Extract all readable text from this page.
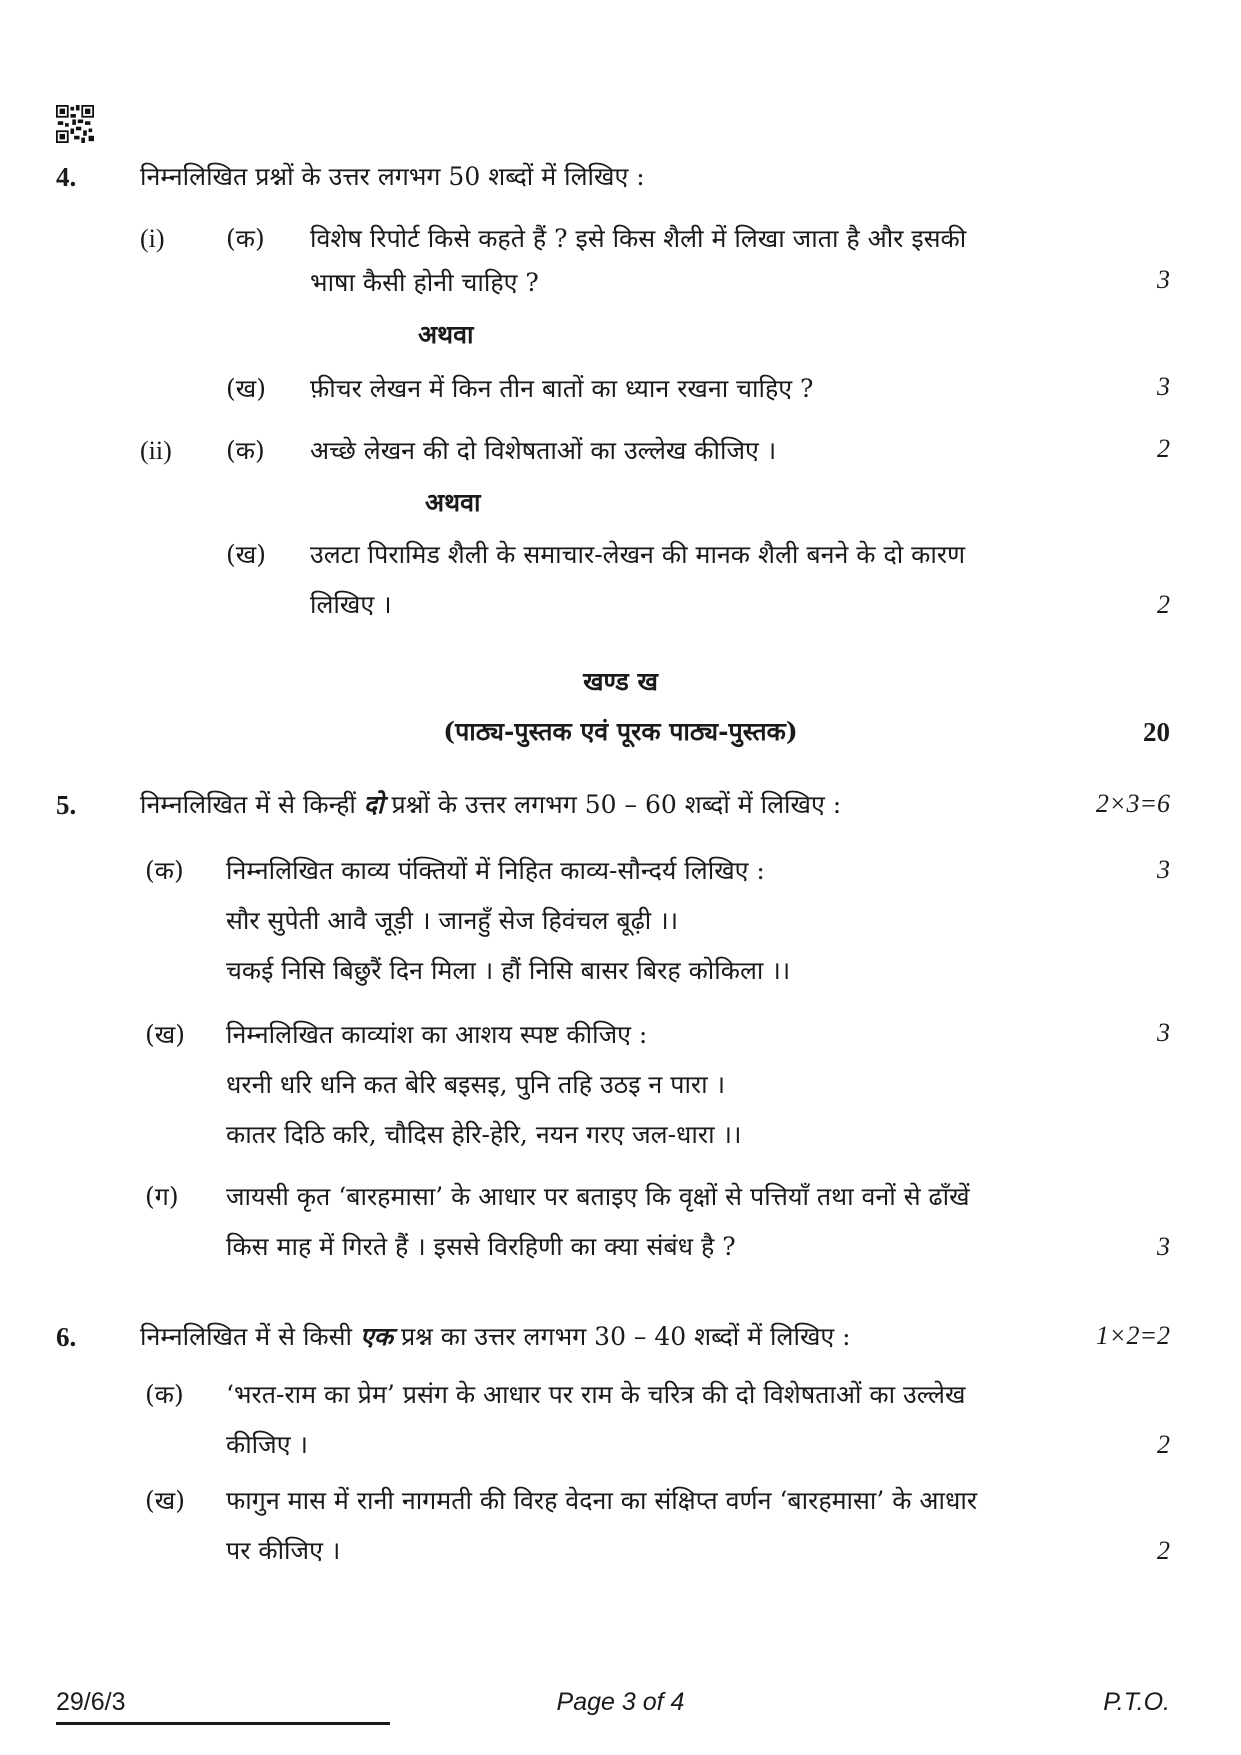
4.	निम्नलिखित प्रश्नों के उत्तर लगभग 50 शब्दों में लिखिए :
(i) (क) विशेष रिपोर्ट किसे कहते हैं ? इसे किस शैली में लिखा जाता है और इसकी
भाषा कैसी होनी चाहिए ?	3
अथवा
(ख) फ़ीचर लेखन में किन तीन बातों का ध्यान रखना चाहिए ?	3
(ii) (क) अच्छे लेखन की दो विशेषताओं का उल्लेख कीजिए ।	2
अथवा
(ख) उलटा पिरामिड शैली के समाचार-लेखन की मानक शैली बनने के दो कारण
लिखिए ।	2
खण्ड ख
(पाठ्य-पुस्तक एवं पूरक पाठ्य-पुस्तक)	20
5.	निम्नलिखित में से किन्हीं दो प्रश्नों के उत्तर लगभग 50 – 60 शब्दों में लिखिए :	2×3=6
(क) निम्नलिखित काव्य पंक्तियों में निहित काव्य-सौन्दर्य लिखिए :
सौर सुपेती आवै जूड़ी । जानहुँ सेज हिवंचल बूढ़ी ।।
चकई निसि बिछुरैं दिन मिला । हौं निसि बासर बिरह कोकिला ।।
3
(ख) निम्नलिखित काव्यांश का आशय स्पष्ट कीजिए :
धरनी धरि धनि कत बेरि बइसइ, पुनि तहि उठइ न पारा ।
कातर दिठि करि, चौदिस हेरि-हेरि, नयन गरए जल-धारा ।।
3
(ग) जायसी कृत ‘बारहमासा’ के आधार पर बताइए कि वृक्षों से पत्तियाँ तथा वनों से ढाँखें
किस माह में गिरते हैं । इससे विरहिणी का क्या संबंध है ?	3
6.	निम्नलिखित में से किसी एक प्रश्न का उत्तर लगभग 30 – 40 शब्दों में लिखिए :	1×2=2
(क) ‘भरत-राम का प्रेम’ प्रसंग के आधार पर राम के चरित्र की दो विशेषताओं का उल्लेख
कीजिए ।	2
(ख) फागुन मास में रानी नागमती की विरह वेदना का संक्षिप्त वर्णन ‘बारहमासा’ के आधार
पर कीजिए ।	2
29/6/3	Page 3 of 4	P.T.O.
